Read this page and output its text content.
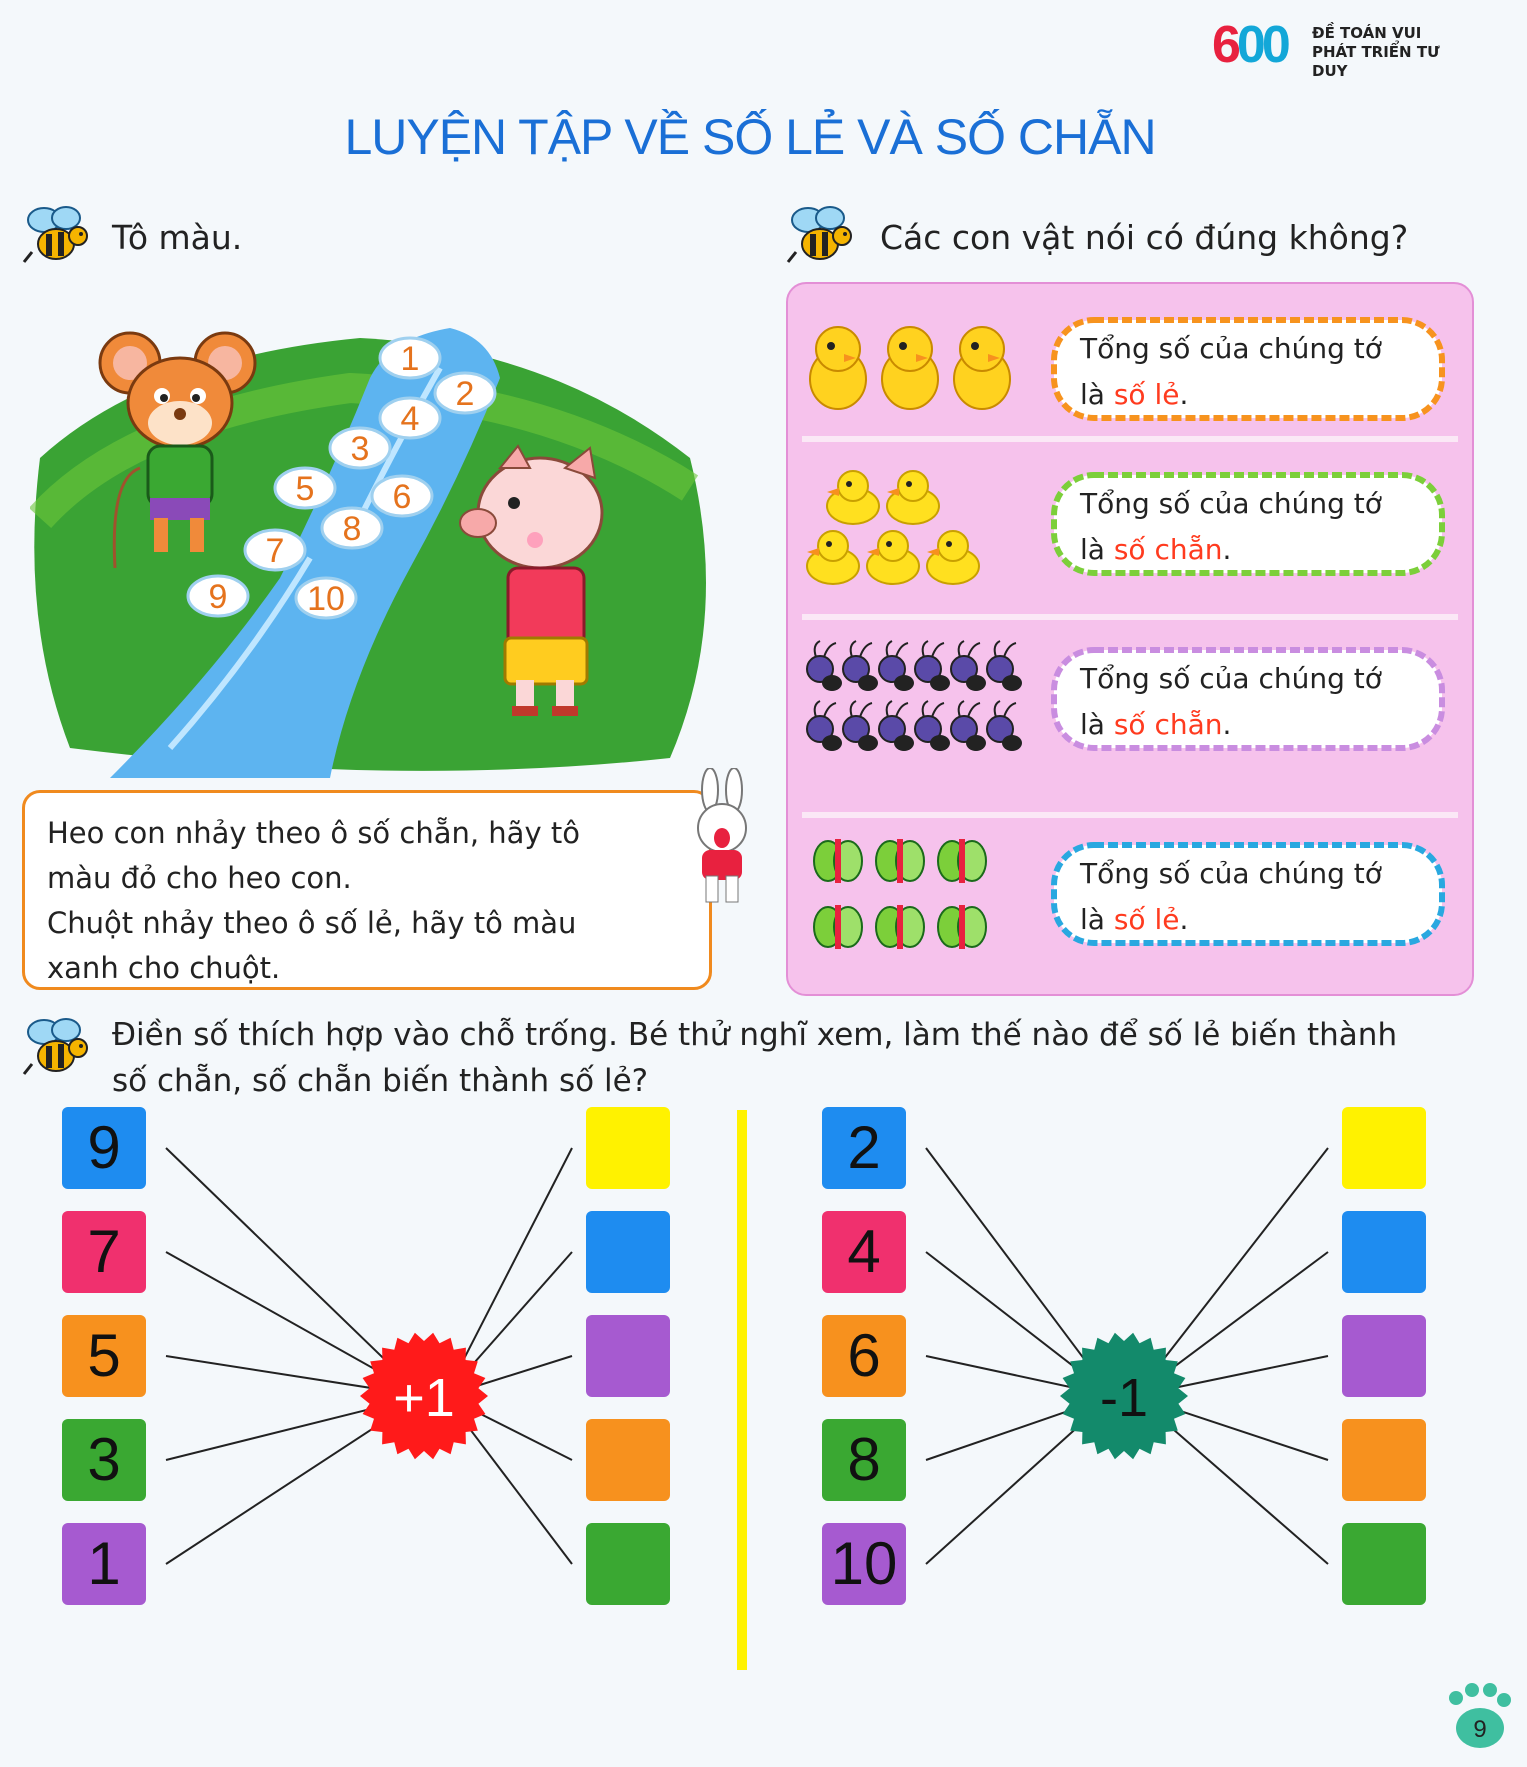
600 ĐỀ TOÁN VUI
PHÁT TRIỂN TƯ DUY
LUYỆN TẬP VỀ SỐ LẺ VÀ SỐ CHẴN
Tô màu.
1
2
3
4
5 6
7
8
9 10
Heo con nhảy theo ô số chẵn, hãy tô
màu đỏ cho heo con.
Chuột nhảy theo ô số lẻ, hãy tô màu
xanh cho chuột.
Các con vật nói có đúng không?
Tổng số của chúng tớ
là số lẻ.
Tổng số của chúng tớ
là số chẵn.
Tổng số của chúng tớ
là số chẵn.
Tổng số của chúng tớ
là số lẻ.
Điền số thích hợp vào chỗ trống. Bé thử nghĩ xem, làm thế nào để số lẻ biến thành
số chẵn, số chẵn biến thành số lẻ?
+1	-1
9
7
5
3
1
2
4
6
8
10
9
